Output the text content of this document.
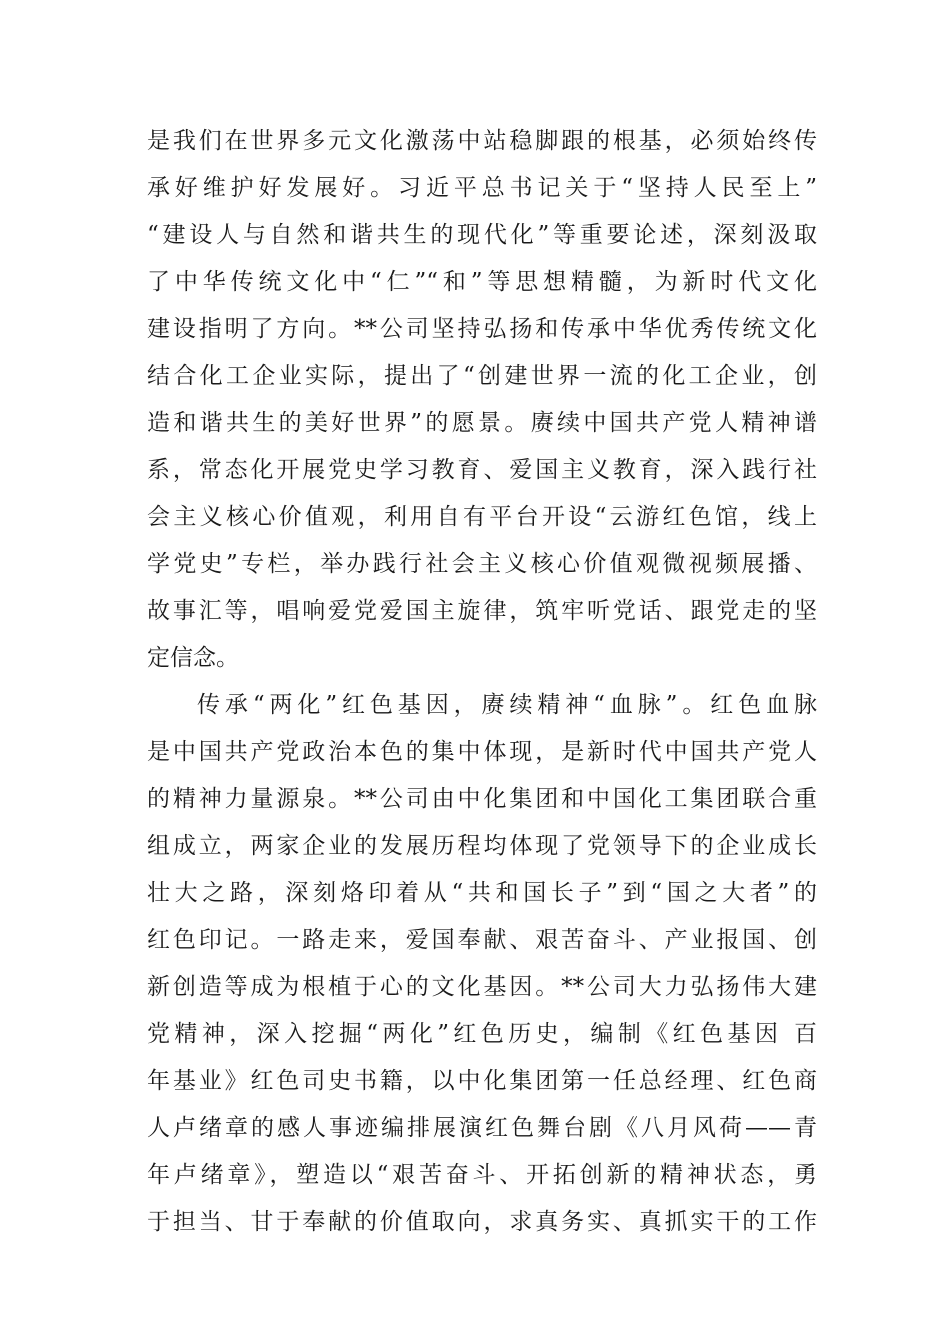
是我们在世界多元文化激荡中站稳脚跟的根基，必须始终传
承好维护好发展好。习近平总书记关于“坚持人民至上”
“建设人与自然和谐共生的现代化”等重要论述，深刻汲取
了中华传统文化中“仁”“和”等思想精髓，为新时代文化
建设指明了方向。**公司坚持弘扬和传承中华优秀传统文化
结合化工企业实际，提出了“创建世界一流的化工企业，创
造和谐共生的美好世界”的愿景。赓续中国共产党人精神谱
系，常态化开展党史学习教育、爱国主义教育，深入践行社
会主义核心价值观，利用自有平台开设“云游红色馆，线上
学党史”专栏，举办践行社会主义核心价值观微视频展播、
故事汇等，唱响爱党爱国主旋律，筑牢听党话、跟党走的坚
定信念。
传承“两化”红色基因，赓续精神“血脉”。红色血脉
是中国共产党政治本色的集中体现，是新时代中国共产党人
的精神力量源泉。**公司由中化集团和中国化工集团联合重
组成立，两家企业的发展历程均体现了党领导下的企业成长
壮大之路，深刻烙印着从“共和国长子”到“国之大者”的
红色印记。一路走来，爱国奉献、艰苦奋斗、产业报国、创
新创造等成为根植于心的文化基因。**公司大力弘扬伟大建
党精神，深入挖掘“两化”红色历史，编制《红色基因 百
年基业》红色司史书籍，以中化集团第一任总经理、红色商
人卢绪章的感人事迹编排展演红色舞台剧《八月风荷——青
年卢绪章》，塑造以“艰苦奋斗、开拓创新的精神状态，勇
于担当、甘于奉献的价值取向，求真务实、真抓实干的工作
